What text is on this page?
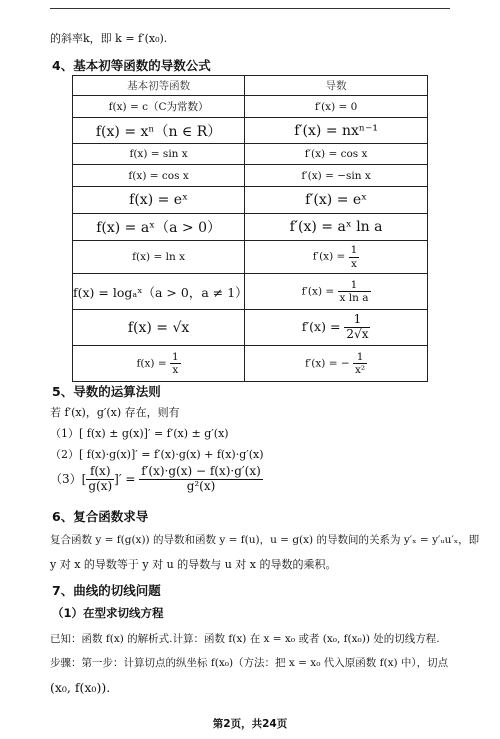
的斜率k，即 k = f′(x₀).
4、基本初等函数的导数公式
基本初等函数	导数
f(x) = c（C为常数）	f′(x) = 0
f(x) = xⁿ（n ∈ R）	f′(x) = nxⁿ⁻¹
f(x) = sin x	f′(x) = cos x
f(x) = cos x	f′(x) = −sin x
f(x) = eˣ	f′(x) = eˣ
f(x) = aˣ（a > 0）	f′(x) = aˣ ln a
f(x) = ln x	$f'(x) = \frac{1}{x}$

f(x) = logₐˣ（a > 0，a ≠ 1）	$f'(x) = \frac{1}{\text{x ln a}}$

f(x) = √x	$f'(x) = \frac{1}{2√x}$

$f(x) = \frac{1}{x}$	f′(x) = − $\frac{1}{\text{x²}}$
5、导数的运算法则
若 f′(x)，g′(x) 存在，则有
（1）[ f(x) ± g(x)]′ = f′(x) ± g′(x)
（2）[ f(x)·g(x)]′ = f′(x)·g(x) + f(x)·g′(x)
$(3)[ \frac{f(x)}{g(x)}$ ]′ = $\frac{f'(x)\cdot g(x) - f(x)\cdot g'(x)}{\text{g²(x)}}$
6、复合函数求导
复合函数 y = f(g(x)) 的导数和函数 y = f(u)，u = g(x) 的导数间的关系为 y′ₓ = y′ᵤu′ₓ，即
y 对 x 的导数等于 y 对 u 的导数与 u 对 x 的导数的乘积。
7、曲线的切线问题
（1）在型求切线方程
已知：函数 f(x) 的解析式.计算：函数 f(x) 在 x = x₀ 或者 (x₀, f(x₀)) 处的切线方程.
步骤：第一步：计算切点的纵坐标 f(x₀)（方法：把 x = x₀ 代入原函数 f(x) 中），切点
(x₀, f(x₀)).
第2页，共24页
